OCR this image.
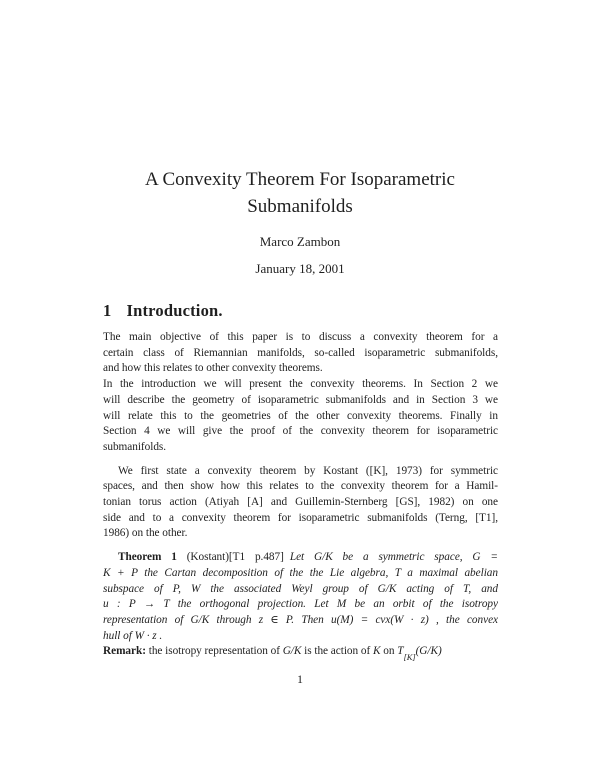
A Convexity Theorem For Isoparametric
Submanifolds
Marco Zambon
January 18, 2001
1 Introduction.
The main objective of this paper is to discuss a convexity theorem for a
certain class of Riemannian manifolds, so-called isoparametric submanifolds,
and how this relates to other convexity theorems.
In the introduction we will present the convexity theorems. In Section 2 we
will describe the geometry of isoparametric submanifolds and in Section 3 we
will relate this to the geometries of the other convexity theorems. Finally in
Section 4 we will give the proof of the convexity theorem for isoparametric
submanifolds.
We first state a convexity theorem by Kostant ([K], 1973) for symmetric
spaces, and then show how this relates to the convexity theorem for a Hamil-
tonian torus action (Atiyah [A] and Guillemin-Sternberg [GS], 1982) on one
side and to a convexity theorem for isoparametric submanifolds (Terng, [T1],
1986) on the other.
Theorem 1 (Kostant)[T1 p.487] Let G/K be a symmetric space, G =
K + P the Cartan decomposition of the the Lie algebra, T a maximal abelian
subspace of P, W the associated Weyl group of G/K acting of T, and
u : P → T the orthogonal projection. Let M be an orbit of the isotropy
representation of G/K through z ∈ P. Then u(M) = cvx(W · z) , the convex
hull of W · z .
Remark: the isotropy representation of G/K is the action of K on $T_{[K]}(G/K)$
1
